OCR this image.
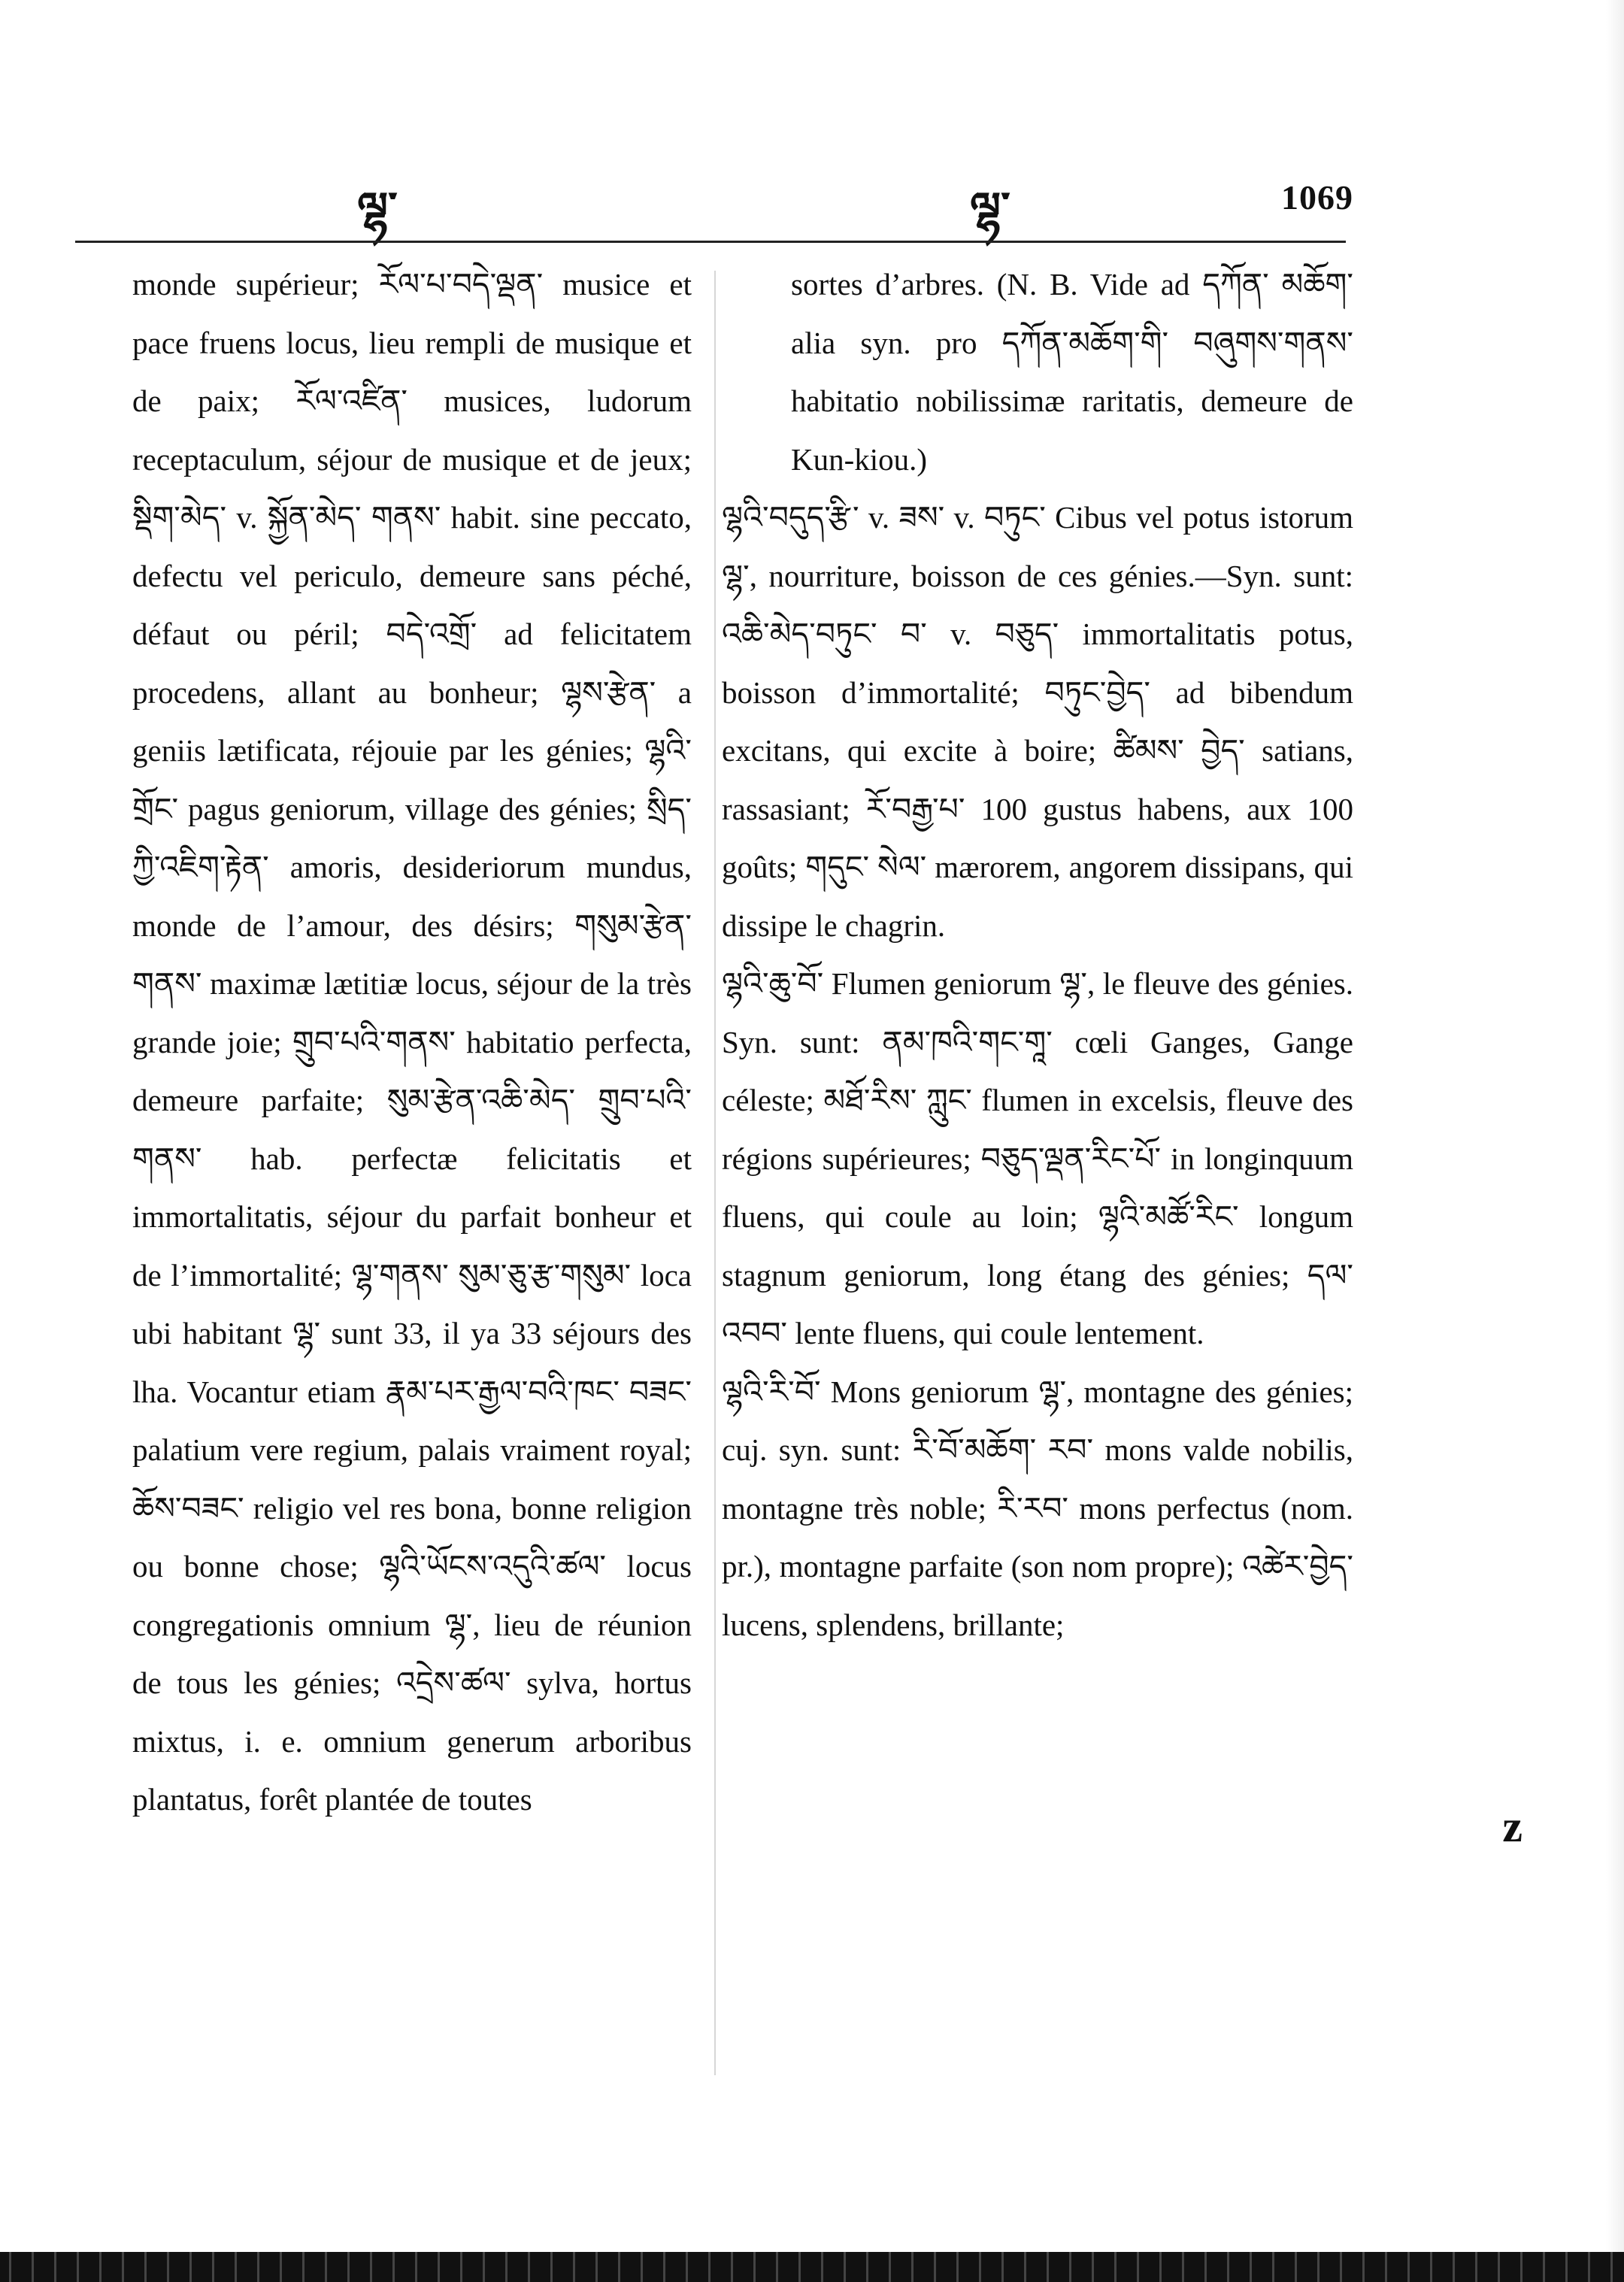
ལྷ་	ལྷ་	1069

monde supérieur; རོལ་པ་བདེ་ལྡན་ musice et pace fruens locus, lieu rempli de musique et de paix; རོལ་འཛིན་ musices, ludorum receptaculum, séjour de musique et de jeux; སྡིག་མེད་ v. སྐྱོན་མེད་ གནས་ habit. sine peccato, defectu vel periculo, demeure sans péché, défaut ou péril; བདེ་འགྲོ་ ad felicitatem procedens, allant au bonheur; ལྷས་རྩེན་ a geniis lætificata, réjouie par les génies; ལྷའི་གྲོང་ pagus geniorum, village des génies; སྲིད་ཀྱི་འཇིག་རྟེན་ amoris, desideriorum mundus, monde de l’amour, des désirs; གསུམ་རྩེན་གནས་ maximæ lætitiæ locus, séjour de la très grande joie; གྲུབ་པའི་གནས་ habitatio perfecta, demeure parfaite; སུམ་རྩེན་འཆི་མེད་ གྲུབ་པའི་གནས་ hab. perfectæ felicitatis et immortalitatis, séjour du parfait bonheur et de l’immortalité; ལྷ་གནས་ སུམ་ཅུ་རྩ་གསུམ་ loca ubi habitant ལྷ་ sunt 33, il ya 33 séjours des lha. Vocantur etiam རྣམ་པར་རྒྱལ་བའི་ཁང་ བཟང་ palatium vere regium, palais vraiment royal; ཆོས་བཟང་ religio vel res bona, bonne religion ou bonne chose; ལྷའི་ཡོངས་འདུའི་ཚལ་ locus congregationis omnium ལྷ་, lieu de réunion de tous les génies; འདྲེས་ཚལ་ sylva, hortus mixtus, i. e. omnium generum arboribus plantatus, forêt plantée de toutes

sortes d’arbres. (N. B. Vide ad དཀོན་ མཆོག་ alia syn. pro དཀོན་མཆོག་གི་ བཞུགས་གནས་ habitatio nobilissimæ raritatis, demeure de Kun-kiou.)

ལྷའི་བདུད་རྩི་ v. ཟས་ v. བཏུང་ Cibus vel potus istorum ལྷ་, nourriture, boisson de ces génies.—Syn. sunt: འཆི་མེད་བཏུང་ བ་ v. བཅུད་ immortalitatis potus, boisson d’immortalité; བཏུང་བྱེད་ ad bibendum excitans, qui excite à boire; ཚིམས་ བྱེད་ satians, rassasiant; རོ་བརྒྱ་པ་ 100 gustus habens, aux 100 goûts; གདུང་ སེལ་ mærorem, angorem dissipans, qui dissipe le chagrin.

ལྷའི་ཆུ་བོ་ Flumen geniorum ལྷ་, le fleuve des génies. Syn. sunt: ནམ་ཁའི་གང་གཱ་ cœli Ganges, Gange céleste; མཐོ་རིས་ ཀླུང་ flumen in excelsis, fleuve des régions supérieures; བཅུད་ལྡན་རིང་པོ་ in longinquum fluens, qui coule au loin; ལྷའི་མཚོ་རིང་ longum stagnum geniorum, long étang des génies; དལ་འབབ་ lente fluens, qui coule lentement.

ལྷའི་རི་བོ་ Mons geniorum ལྷ་, montagne des génies; cuj. syn. sunt: རི་བོ་མཆོག་ རབ་ mons valde nobilis, montagne très noble; རི་རབ་ mons perfectus (nom. pr.), montagne parfaite (son nom propre); འཚེར་བྱེད་ lucens, splendens, brillante;

ᴢ
